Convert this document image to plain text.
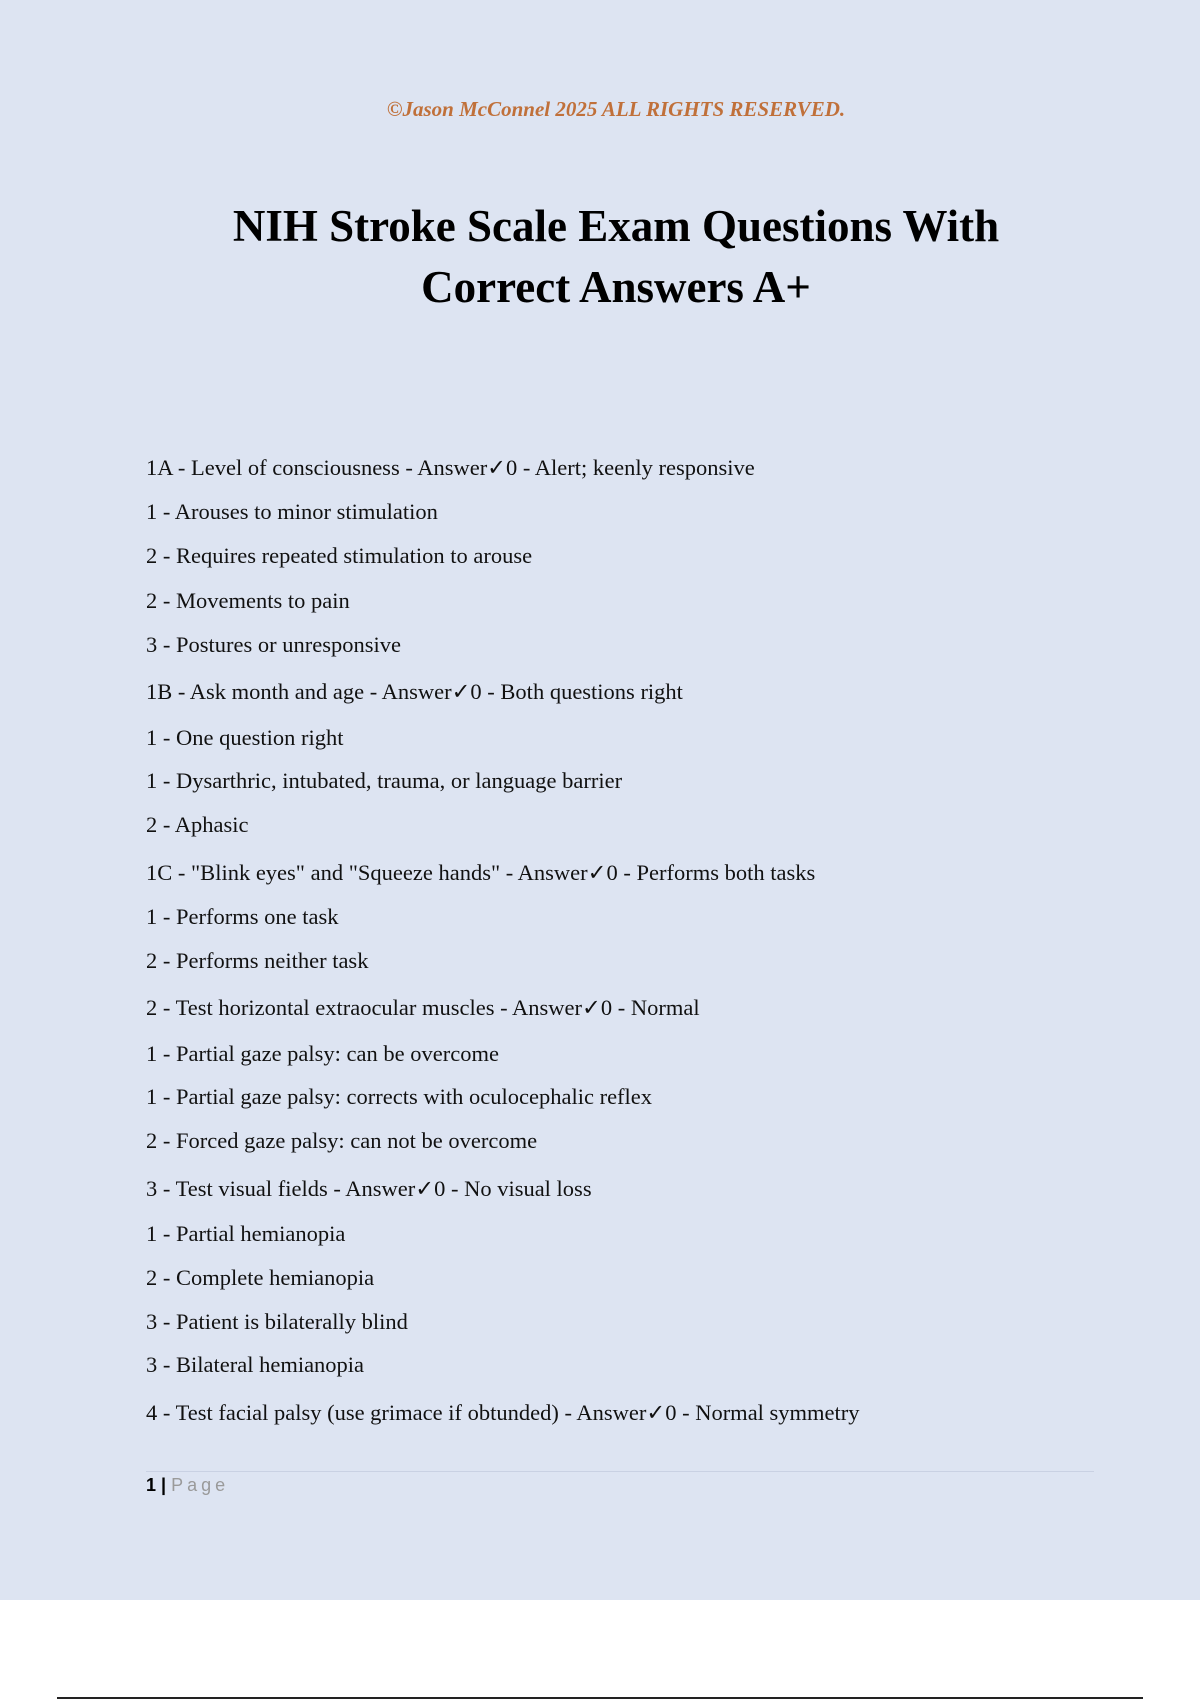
©Jason McConnel 2025 ALL RIGHTS RESERVED.
NIH Stroke Scale Exam Questions With
Correct Answers A+
1A - Level of consciousness - Answer✓0 - Alert; keenly responsive
1 - Arouses to minor stimulation
2 - Requires repeated stimulation to arouse
2 - Movements to pain
3 - Postures or unresponsive
1B - Ask month and age - Answer✓0 - Both questions right
1 - One question right
1 - Dysarthric, intubated, trauma, or language barrier
2 - Aphasic
1C - "Blink eyes" and "Squeeze hands" - Answer✓0 - Performs both tasks
1 - Performs one task
2 - Performs neither task
2 - Test horizontal extraocular muscles - Answer✓0 - Normal
1 - Partial gaze palsy: can be overcome
1 - Partial gaze palsy: corrects with oculocephalic reflex
2 - Forced gaze palsy: can not be overcome
3 - Test visual fields - Answer✓0 - No visual loss
1 - Partial hemianopia
2 - Complete hemianopia
3 - Patient is bilaterally blind
3 - Bilateral hemianopia
4 - Test facial palsy (use grimace if obtunded) - Answer✓0 - Normal symmetry
1 | Page
